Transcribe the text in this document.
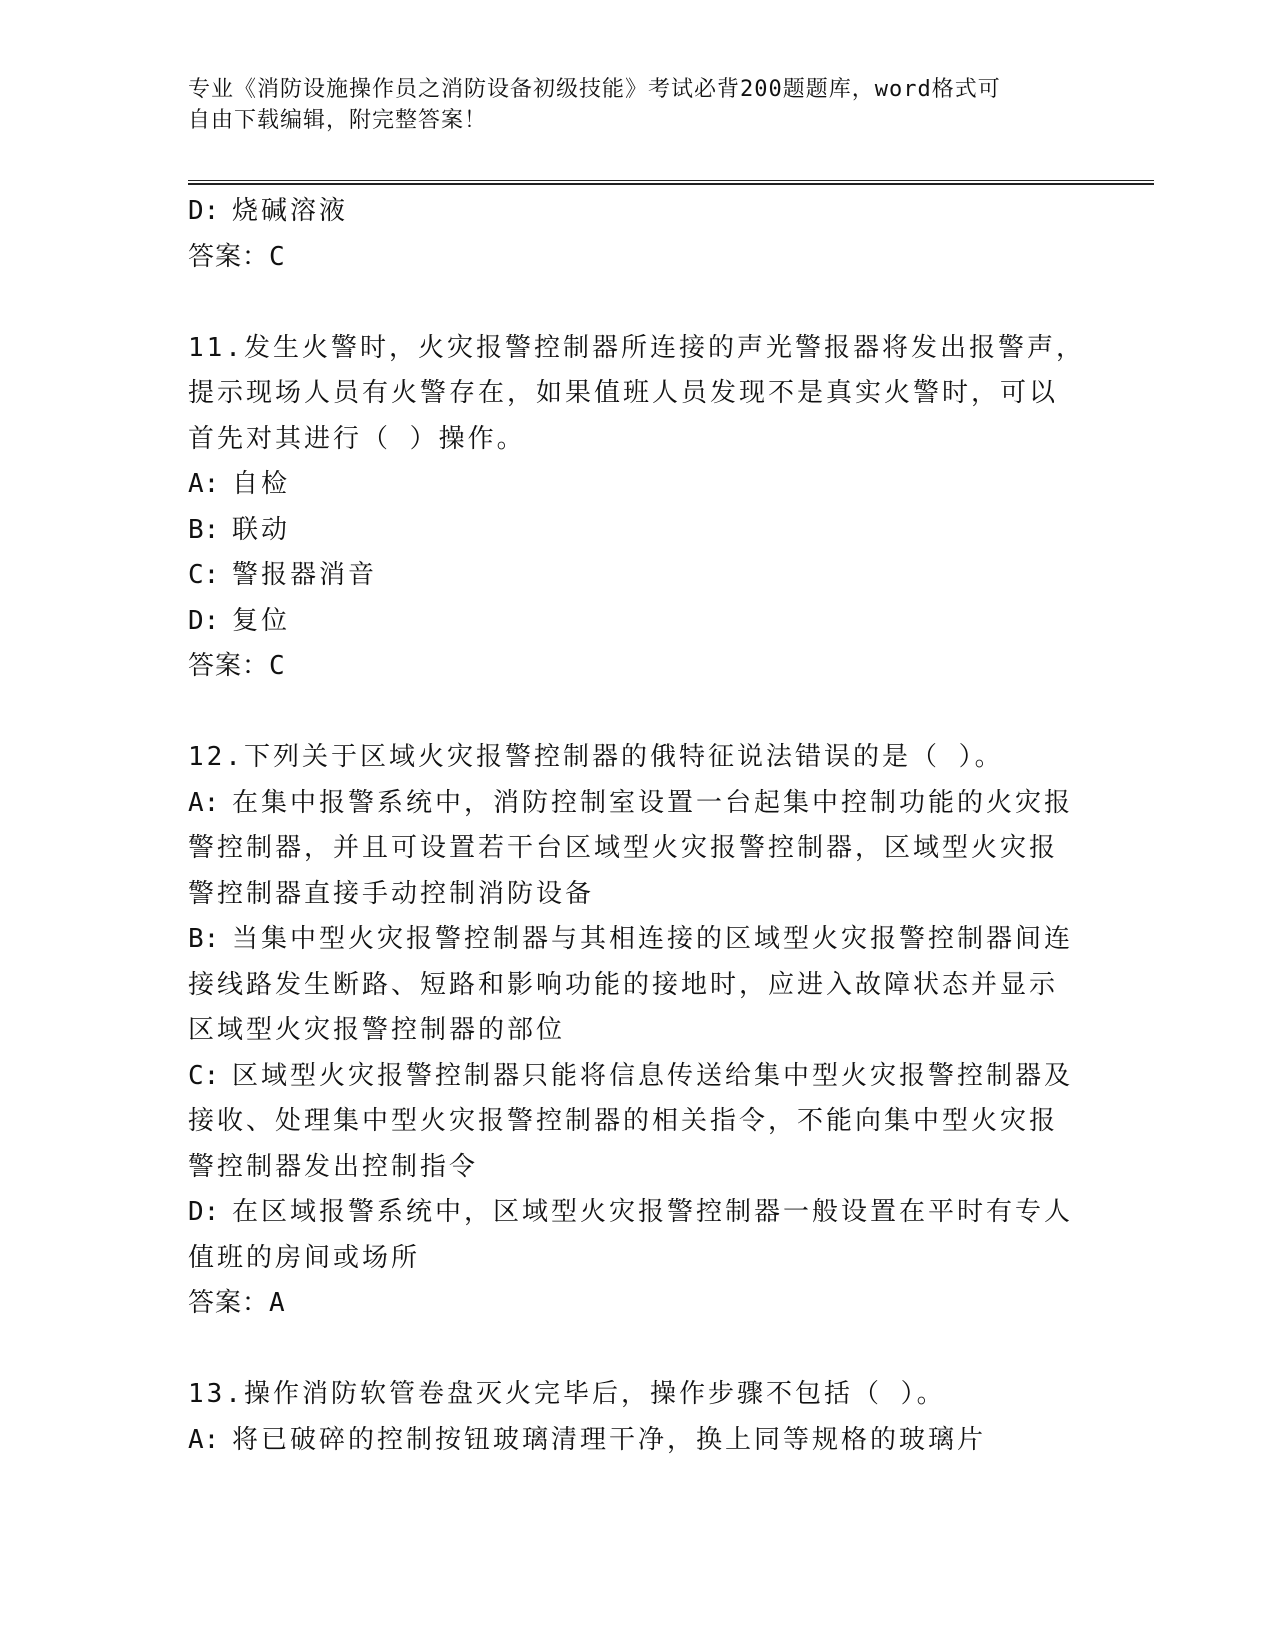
专业《消防设施操作员之消防设备初级技能》考试必背200题题库，word格式可
自由下载编辑，附完整答案！
D: 烧碱溶液
答案：C
11.发生火警时，火灾报警控制器所连接的声光警报器将发出报警声，
提示现场人员有火警存在，如果值班人员发现不是真实火警时，可以
首先对其进行（ ）操作。
A: 自检
B: 联动
C: 警报器消音
D: 复位
答案：C
12.下列关于区域火灾报警控制器的俄特征说法错误的是（ ）。
A: 在集中报警系统中，消防控制室设置一台起集中控制功能的火灾报
警控制器，并且可设置若干台区域型火灾报警控制器，区域型火灾报
警控制器直接手动控制消防设备
B: 当集中型火灾报警控制器与其相连接的区域型火灾报警控制器间连
接线路发生断路、短路和影响功能的接地时，应进入故障状态并显示
区域型火灾报警控制器的部位
C: 区域型火灾报警控制器只能将信息传送给集中型火灾报警控制器及
接收、处理集中型火灾报警控制器的相关指令，不能向集中型火灾报
警控制器发出控制指令
D: 在区域报警系统中，区域型火灾报警控制器一般设置在平时有专人
值班的房间或场所
答案：A
13.操作消防软管卷盘灭火完毕后，操作步骤不包括（ ）。
A: 将已破碎的控制按钮玻璃清理干净，换上同等规格的玻璃片
